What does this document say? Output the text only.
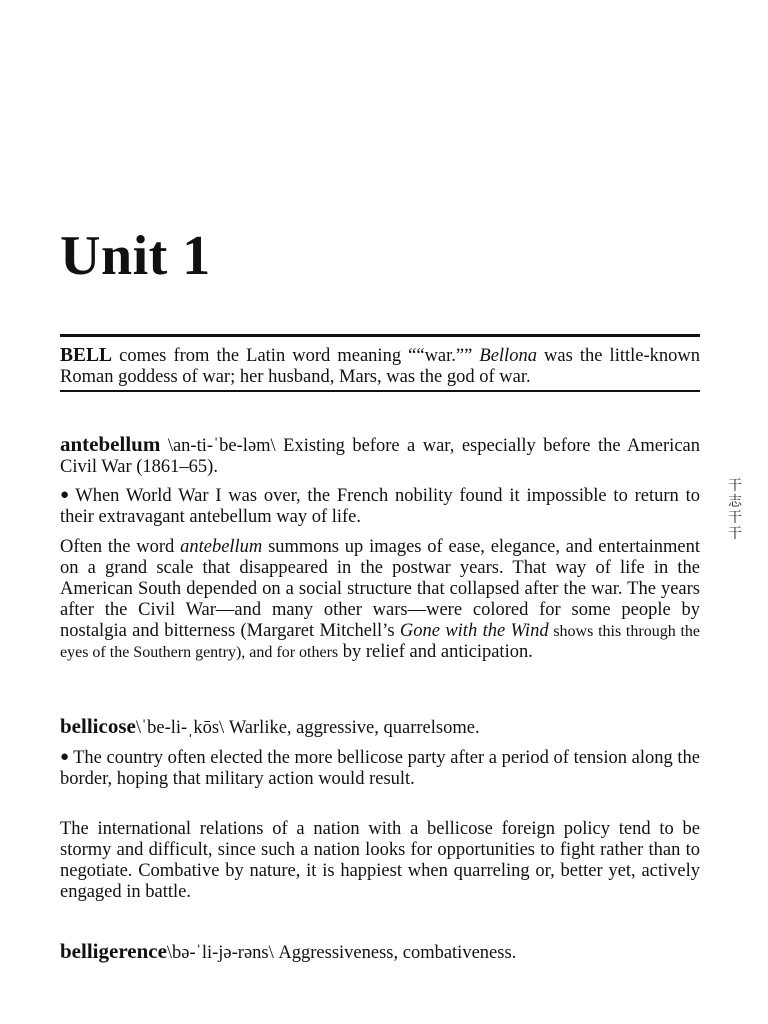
Unit 1
BELL comes from the Latin word meaning ““war.”” Bellona was the little-known Roman goddess of war; her husband, Mars, was the god of war.

antebellum \an-ti-ˈbe-ləm\ Existing before a war, especially before the American Civil War (1861–65).

● When World War I was over, the French nobility found it impossible to return to their extravagant antebellum way of life.

Often the word antebellum summons up images of ease, elegance, and entertainment on a grand scale that disappeared in the postwar years. That way of life in the American South depended on a social structure that collapsed after the war. The years after the Civil War—and many other wars—were colored for some people by nostalgia and bitterness (Margaret Mitchell’s Gone with the Wind shows this through the eyes of the Southern gentry), and for others by relief and anticipation.

bellicose\ˈbe-li-ˌkōs\ Warlike, aggressive, quarrelsome.

● The country often elected the more bellicose party after a period of tension along the border, hoping that military action would result.

The international relations of a nation with a bellicose foreign policy tend to be stormy and difficult, since such a nation looks for opportunities to fight rather than to negotiate. Combative by nature, it is happiest when quarreling or, better yet, actively engaged in battle.

belligerence\bə-ˈli-jə-rəns\ Aggressiveness, combativeness.

干志干干
